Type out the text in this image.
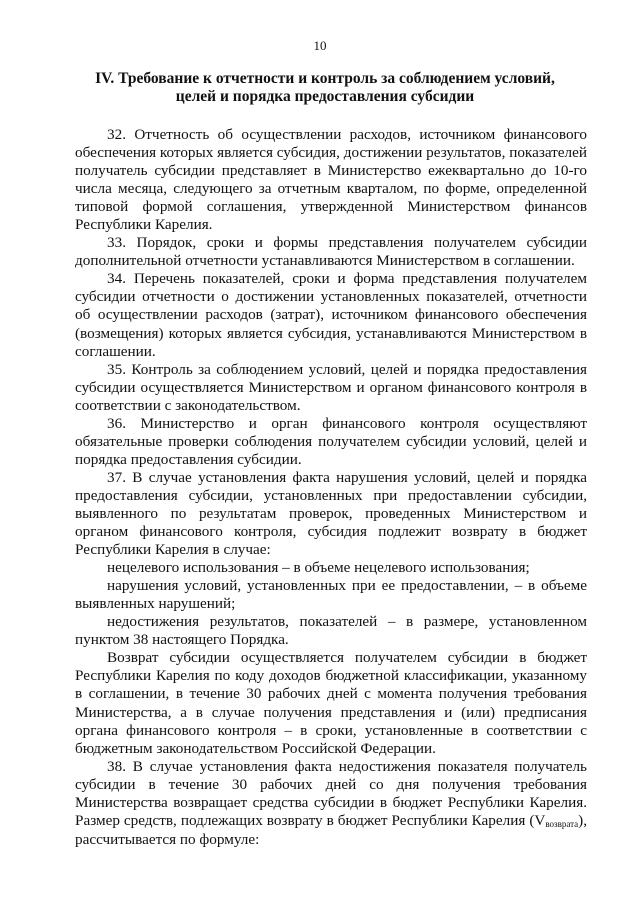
10
IV. Требование к отчетности и контроль за соблюдением условий,
целей и порядка предоставления субсидии

32. Отчетность об осуществлении расходов, источником финансового обеспечения которых является субсидия, достижении результатов, показателей получатель субсидии представляет в Министерство ежеквартально до 10-го числа месяца, следующего за отчетным кварталом, по форме, определенной типовой формой соглашения, утвержденной Министерством финансов Республики Карелия.

33. Порядок, сроки и формы представления получателем субсидии дополнительной отчетности устанавливаются Министерством в соглашении.

34. Перечень показателей, сроки и форма представления получателем субсидии отчетности о достижении установленных показателей, отчетности об осуществлении расходов (затрат), источником финансового обеспечения (возмещения) которых является субсидия, устанавливаются Министерством в соглашении.

35. Контроль за соблюдением условий, целей и порядка предоставления субсидии осуществляется Министерством и органом финансового контроля в соответствии с законодательством.

36. Министерство и орган финансового контроля осуществляют обязательные проверки соблюдения получателем субсидии условий, целей и порядка предоставления субсидии.

37. В случае установления факта нарушения условий, целей и порядка предоставления субсидии, установленных при предоставлении субсидии, выявленного по результатам проверок, проведенных Министерством и органом финансового контроля, субсидия подлежит возврату в бюджет Республики Карелия в случае:

нецелевого использования – в объеме нецелевого использования;

нарушения условий, установленных при ее предоставлении, – в объеме выявленных нарушений;

недостижения результатов, показателей – в размере, установленном пунктом 38 настоящего Порядка.

Возврат субсидии осуществляется получателем субсидии в бюджет Республики Карелия по коду доходов бюджетной классификации, указанному в соглашении, в течение 30 рабочих дней с момента получения требования Министерства, а в случае получения представления и (или) предписания органа финансового контроля – в сроки, установленные в соответствии с бюджетным законодательством Российской Федерации.

38. В случае установления факта недостижения показателя получатель субсидии в течение 30 рабочих дней со дня получения требования Министерства возвращает средства субсидии в бюджет Республики Карелия. Размер средств, подлежащих возврату в бюджет Республики Карелия $(V_{возврата})$, рассчитывается по формуле:
